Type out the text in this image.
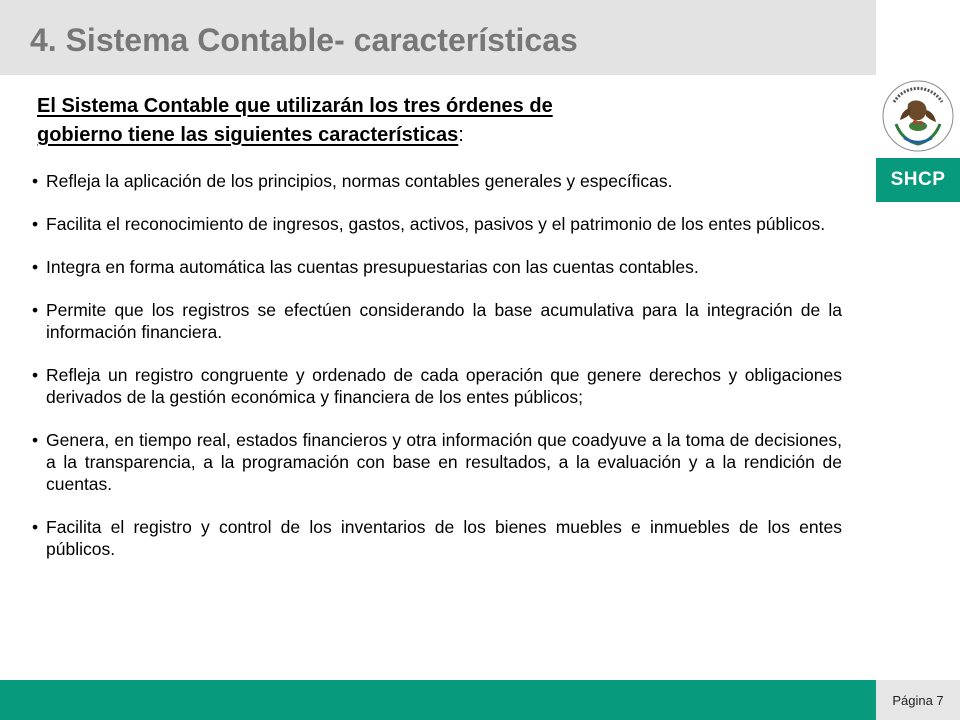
4. Sistema Contable- características
SHCP
El Sistema Contable que utilizarán los tres órdenes de
gobierno tiene las siguientes características:
• Refleja la aplicación de los principios, normas contables generales y específicas.
• Facilita el reconocimiento de ingresos, gastos, activos, pasivos y el patrimonio de los entes públicos.
• Integra en forma automática las cuentas presupuestarias con las cuentas contables.
• Permite que los registros se efectúen considerando la base acumulativa para la integración de la información financiera.
• Refleja un registro congruente y ordenado de cada operación que genere derechos y obligaciones derivados de la gestión económica y financiera de los entes públicos;
• Genera, en tiempo real, estados financieros y otra información que coadyuve a la toma de decisiones, a la transparencia, a la programación con base en resultados, a la evaluación y a la rendición de cuentas.
• Facilita el registro y control de los inventarios de los bienes muebles e inmuebles de los entes públicos.
Página 7
